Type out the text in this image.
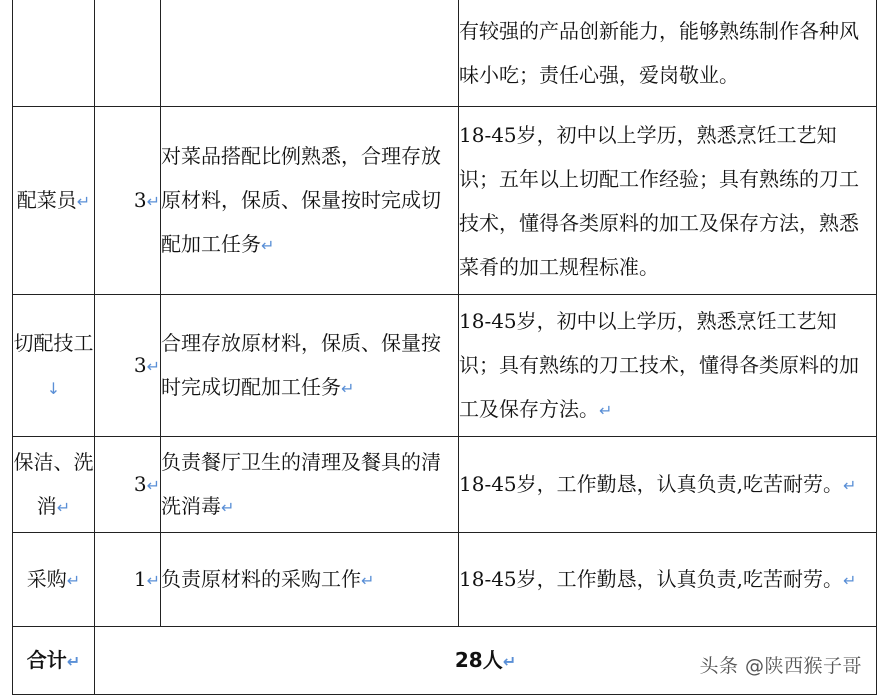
			有较强的产品创新能力，能够熟练制作各种风味小吃；责任心强，爱岗敬业。
配菜员↵	3↵	对菜品搭配比例熟悉，合理存放原材料，保质、保量按时完成切配加工任务↵	18-45岁，初中以上学历，熟悉烹饪工艺知识；五年以上切配工作经验；具有熟练的刀工技术，懂得各类原料的加工及保存方法，熟悉菜肴的加工规程标准。
切配技工↓	3↵	合理存放原材料，保质、保量按时完成切配加工任务↵	18-45岁，初中以上学历，熟悉烹饪工艺知识；具有熟练的刀工技术，懂得各类原料的加工及保存方法。↵
保洁、洗消↵	3↵	负责餐厅卫生的清理及餐具的清洗消毒↵	18-45岁，工作勤恳，认真负责,吃苦耐劳。↵
采购↵	1↵	负责原材料的采购工作↵	18-45岁，工作勤恳，认真负责,吃苦耐劳。↵
合计↵	28人↵			头条 @陕西猴子哥
